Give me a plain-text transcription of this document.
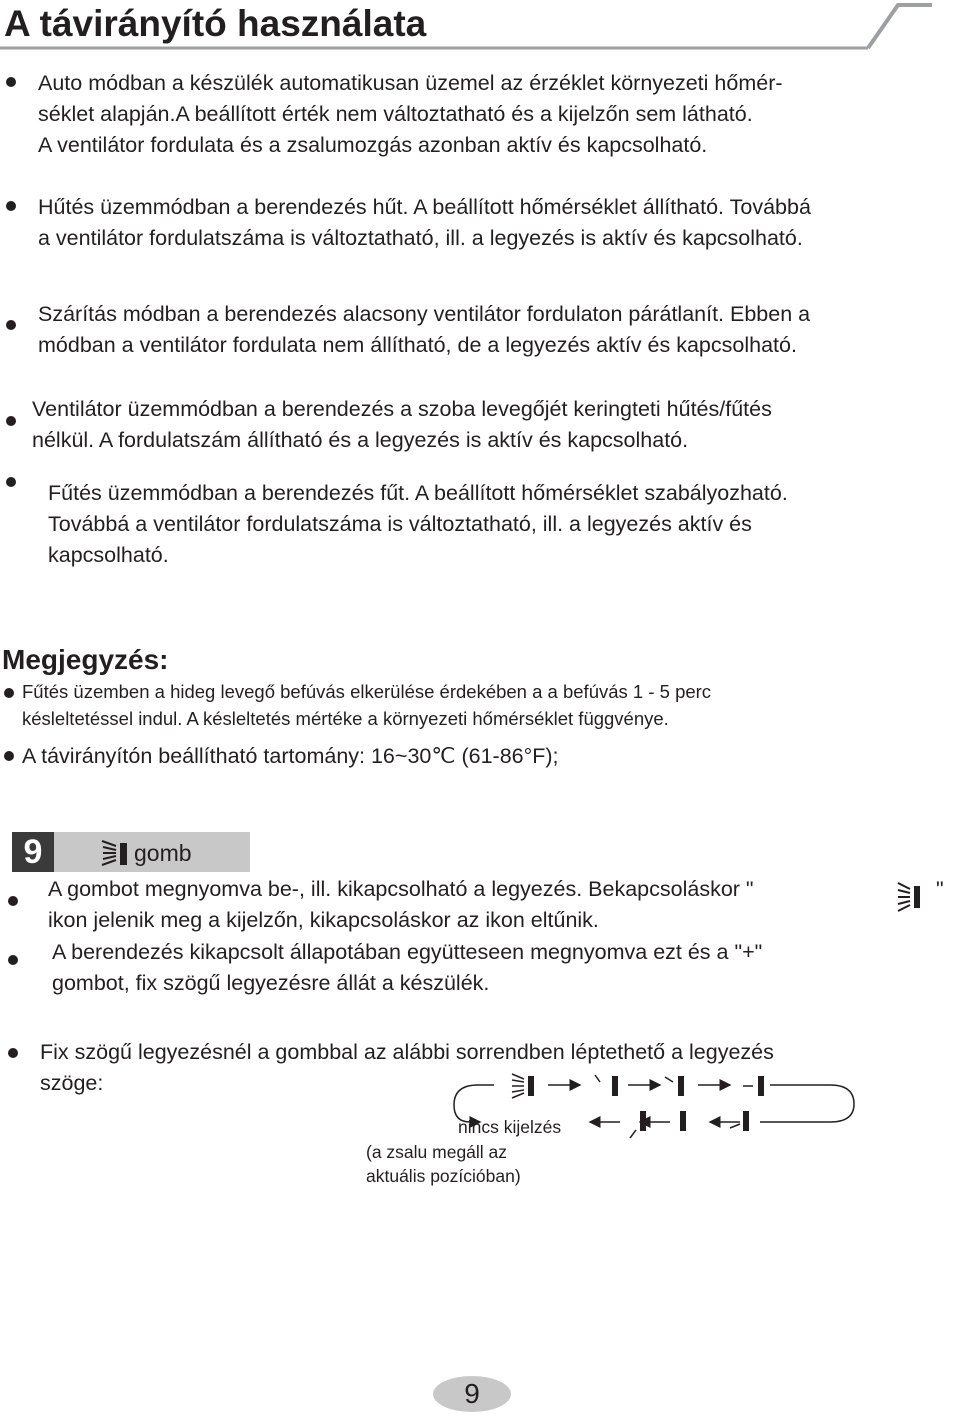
A távirányító használata
Auto módban a készülék automatikusan üzemel az érzéklet környezeti hőmér-
séklet alapján.A beállított érték nem változtatható és a kijelzőn sem látható.
A ventilátor fordulata és a zsalumozgás azonban aktív és kapcsolható.
Hűtés üzemmódban a berendezés hűt. A beállított hőmérséklet állítható. Továbbá
a ventilátor fordulatszáma is változtatható, ill. a legyezés is aktív és kapcsolható.
Szárítás módban a berendezés alacsony ventilátor fordulaton párátlanít. Ebben a
módban a ventilátor fordulata nem állítható, de a legyezés aktív és kapcsolható.
Ventilátor üzemmódban a berendezés a szoba levegőjét keringteti hűtés/fűtés
nélkül. A fordulatszám állítható és a legyezés is aktív és kapcsolható.
Fűtés üzemmódban a berendezés fűt. A beállított hőmérséklet szabályozható.
Továbbá a ventilátor fordulatszáma is változtatható, ill. a legyezés aktív és
kapcsolható.
Megjegyzés:
Fűtés üzemben a hideg levegő befúvás elkerülése érdekében a a befúvás 1 - 5 perc
késleltetéssel indul. A késleltetés mértéke a környezeti hőmérséklet függvénye.
A távirányítón beállítható tartomány: 16~30℃ (61-86°F);
9	gomb
A gombot megnyomva be-, ill. kikapcsolható a legyezés. Bekapcsoláskor "
ikon jelenik meg a kijelzőn, kikapcsoláskor az ikon eltűnik.
"
A berendezés kikapcsolt állapotában együtteseen megnyomva ezt és a "+"
gombot, fix szögű legyezésre állát a készülék.
Fix szögű legyezésnél a gombbal az alábbi sorrendben léptethető a legyezés
szöge:
nincs kijelzés
(a zsalu megáll az
aktuális pozícióban)
9
